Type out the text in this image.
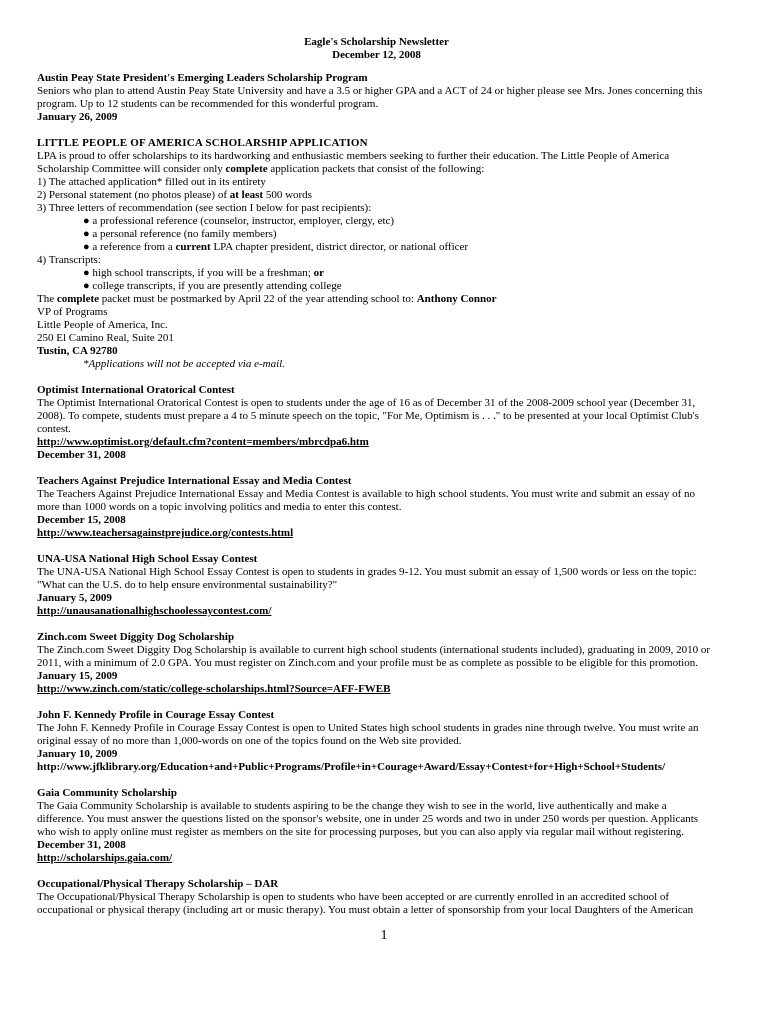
Eagle's Scholarship Newsletter
December 12, 2008

Austin Peay State President's Emerging Leaders Scholarship Program

Seniors who plan to attend Austin Peay State University and have a 3.5 or higher GPA and a ACT of 24 or higher please see Mrs. Jones concerning this program. Up to 12 students can be recommended for this wonderful program.

January 26, 2009

LITTLE PEOPLE OF AMERICA SCHOLARSHIP APPLICATION

LPA is proud to offer scholarships to its hardworking and enthusiastic members seeking to further their education. The Little People of America Scholarship Committee will consider only complete application packets that consist of the following:

1) The attached application* filled out in its entirety

2) Personal statement (no photos please) of at least 500 words

3) Three letters of recommendation (see section I below for past recipients):

● a professional reference (counselor, instructor, employer, clergy, etc)

● a personal reference (no family members)

● a reference from a current LPA chapter president, district director, or national officer

4) Transcripts:

● high school transcripts, if you will be a freshman; or

● college transcripts, if you are presently attending college

The complete packet must be postmarked by April 22 of the year attending school to: Anthony Connor

VP of Programs

Little People of America, Inc.

250 El Camino Real, Suite 201

Tustin, CA 92780

*Applications will not be accepted via e-mail.

Optimist International Oratorical Contest

The Optimist International Oratorical Contest is open to students under the age of 16 as of December 31 of the 2008-2009 school year (December 31, 2008). To compete, students must prepare a 4 to 5 minute speech on the topic, "For Me, Optimism is . . ." to be presented at your local Optimist Club's contest.

http://www.optimist.org/default.cfm?content=members/mbrcdpa6.htm

December 31, 2008

Teachers Against Prejudice International Essay and Media Contest

The Teachers Against Prejudice International Essay and Media Contest is available to high school students. You must write and submit an essay of no more than 1000 words on a topic involving politics and media to enter this contest.

December 15, 2008

http://www.teachersagainstprejudice.org/contests.html

UNA-USA National High School Essay Contest

The UNA-USA National High School Essay Contest is open to students in grades 9-12. You must submit an essay of 1,500 words or less on the topic: "What can the U.S. do to help ensure environmental sustainability?"

January 5, 2009

http://unausanationalhighschoolessaycontest.com/

Zinch.com Sweet Diggity Dog Scholarship

The Zinch.com Sweet Diggity Dog Scholarship is available to current high school students (international students included), graduating in 2009, 2010 or 2011, with a minimum of 2.0 GPA. You must register on Zinch.com and your profile must be as complete as possible to be eligible for this promotion.

January 15, 2009

http://www.zinch.com/static/college-scholarships.html?Source=AFF-FWEB

John F. Kennedy Profile in Courage Essay Contest

The John F. Kennedy Profile in Courage Essay Contest is open to United States high school students in grades nine through twelve. You must write an original essay of no more than 1,000-words on one of the topics found on the Web site provided.

January 10, 2009

http://www.jfklibrary.org/Education+and+Public+Programs/Profile+in+Courage+Award/Essay+Contest+for+High+School+Students/

Gaia Community Scholarship

The Gaia Community Scholarship is available to students aspiring to be the change they wish to see in the world, live authentically and make a difference. You must answer the questions listed on the sponsor's website, one in under 25 words and two in under 250 words per question. Applicants who wish to apply online must register as members on the site for processing purposes, but you can also apply via regular mail without registering.

December 31, 2008

http://scholarships.gaia.com/

Occupational/Physical Therapy Scholarship – DAR

The Occupational/Physical Therapy Scholarship is open to students who have been accepted or are currently enrolled in an accredited school of occupational or physical therapy (including art or music therapy). You must obtain a letter of sponsorship from your local Daughters of the American

1
